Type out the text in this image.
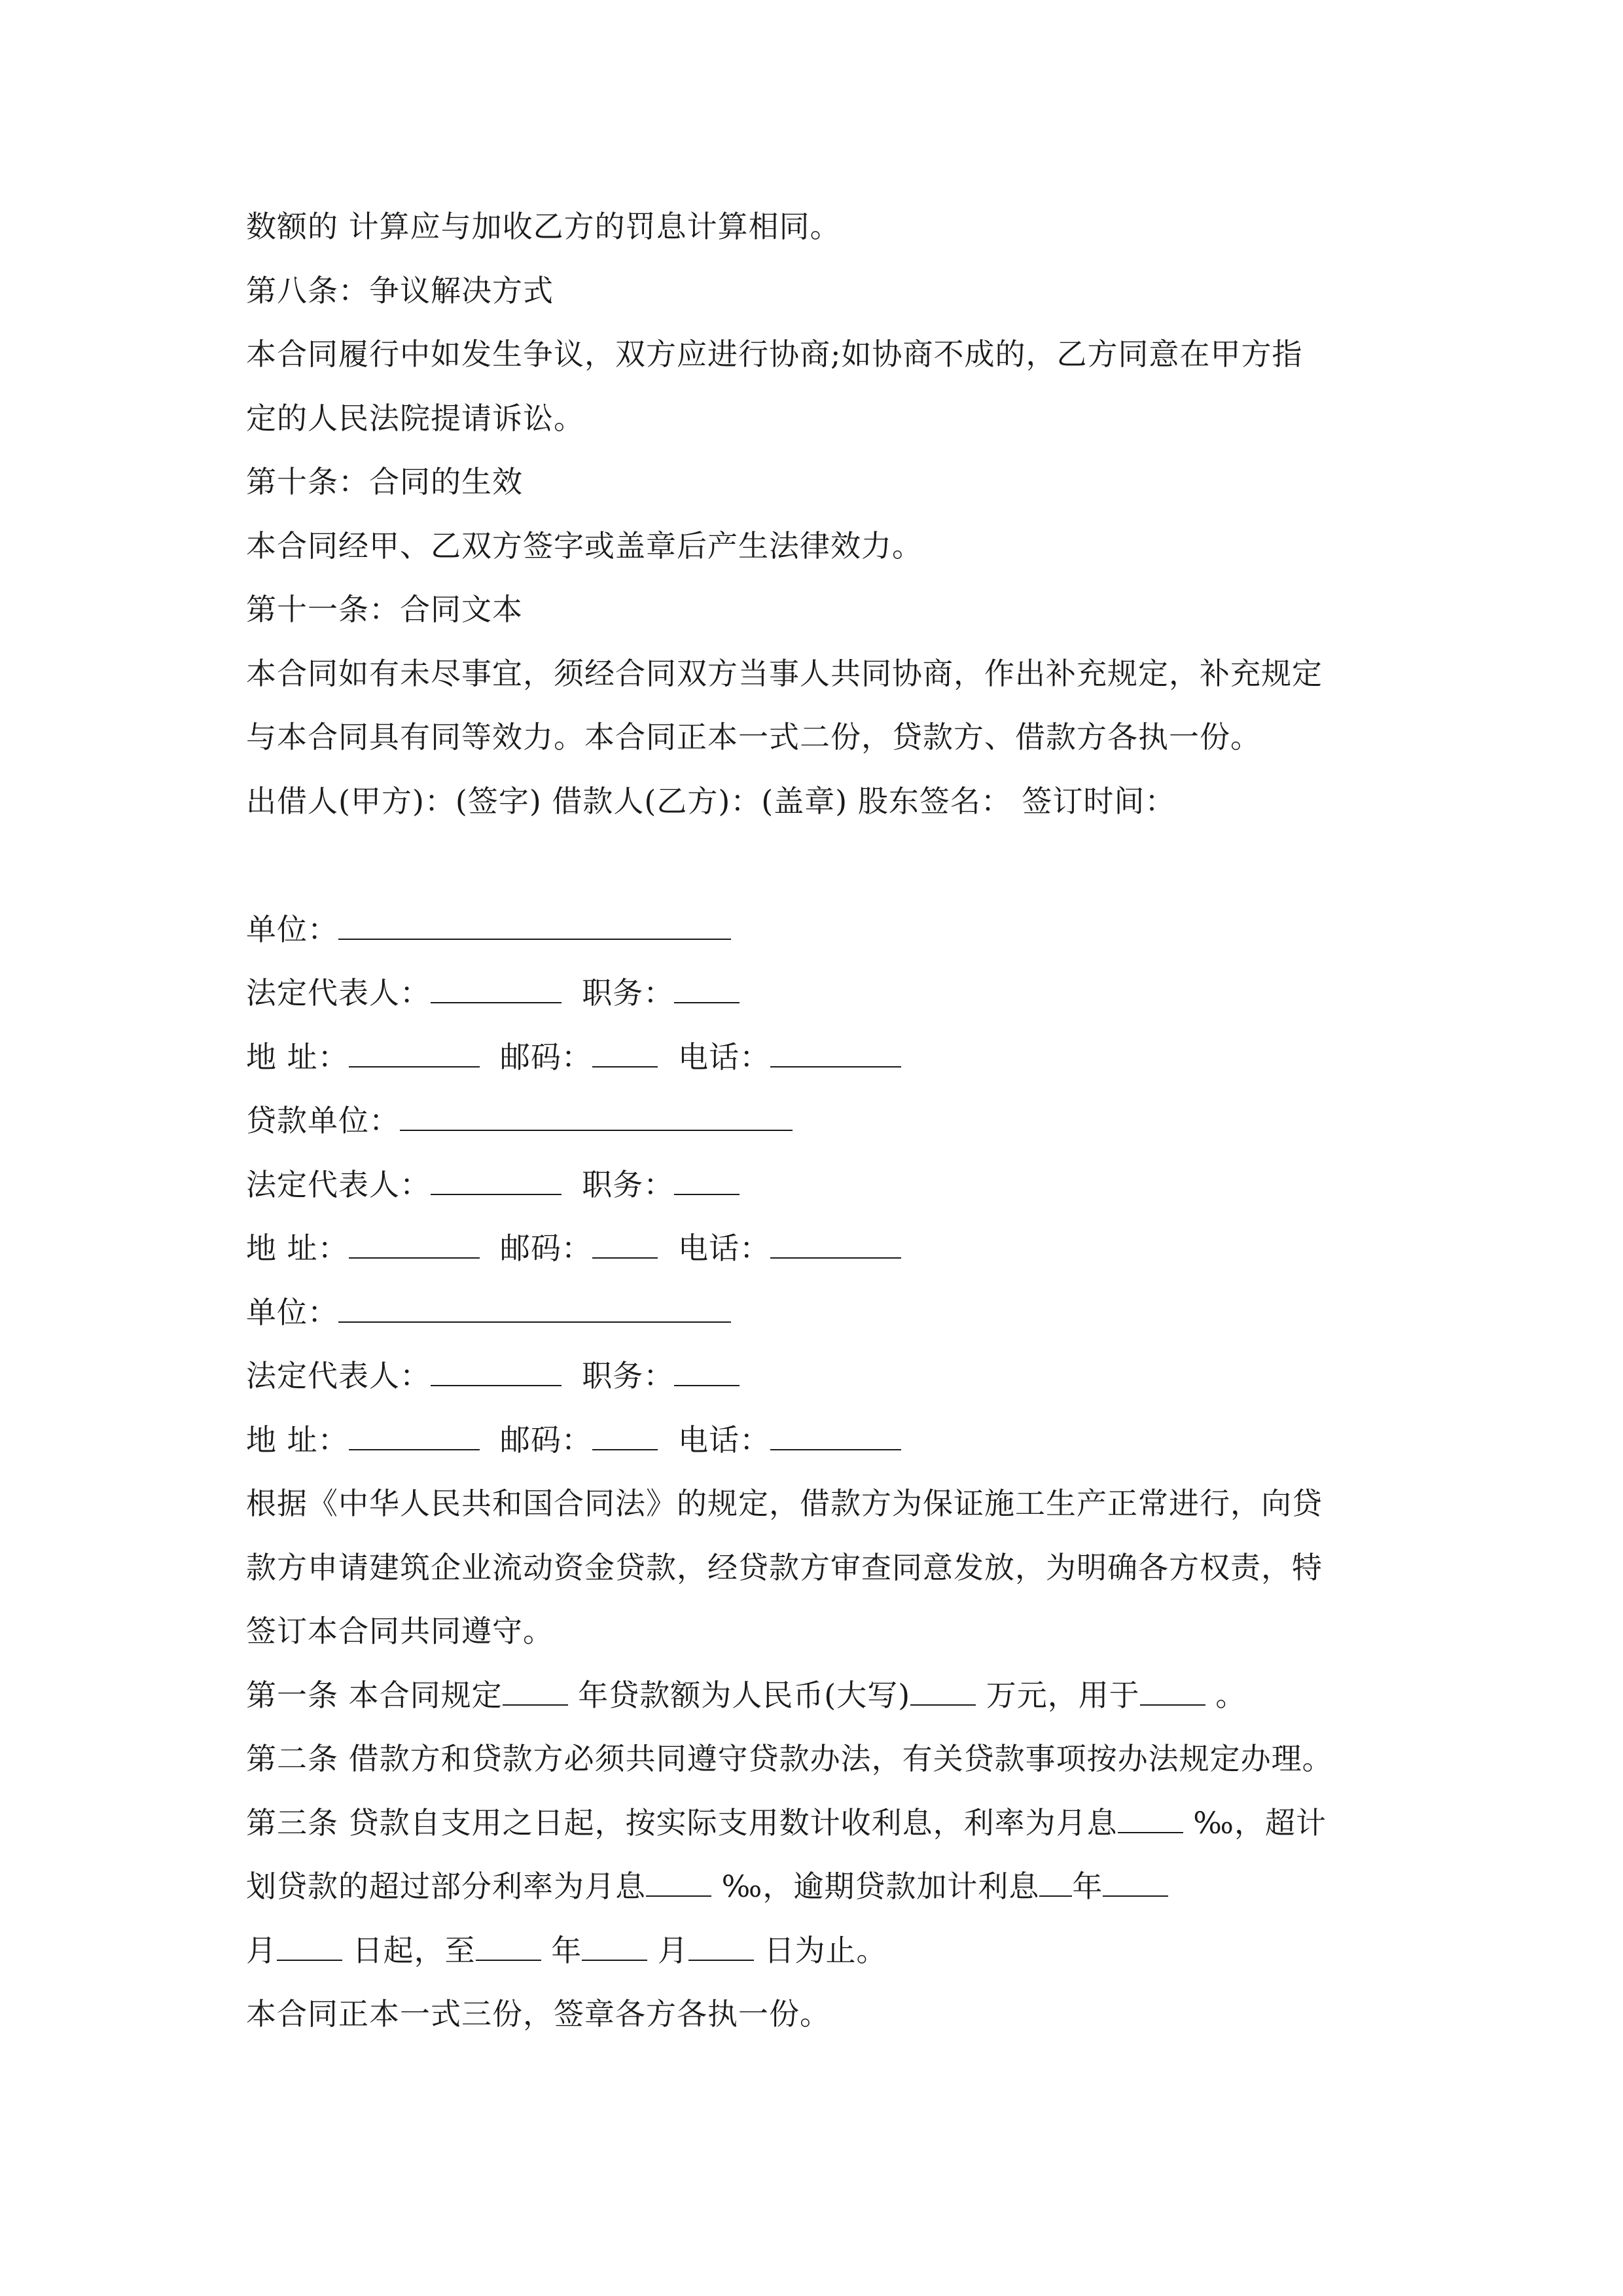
数额的 计算应与加收乙方的罚息计算相同。
第八条：争议解决方式
本合同履行中如发生争议，双方应进行协商;如协商不成的，乙方同意在甲方指
定的人民法院提请诉讼。
第十条：合同的生效
本合同经甲、乙双方签字或盖章后产生法律效力。
第十一条：合同文本
本合同如有未尽事宜，须经合同双方当事人共同协商，作出补充规定，补充规定
与本合同具有同等效力。本合同正本一式二份，贷款方、借款方各执一份。
出借人(甲方)：(签字) 借款人(乙方)：(盖章) 股东签名： 签订时间：
单位：
法定代表人：	职务：
地 址：	邮码：	电话：
贷款单位：
法定代表人：	职务：
地 址：	邮码：	电话：
单位：
法定代表人：	职务：
地 址：	邮码：	电话：
根据《中华人民共和国合同法》的规定，借款方为保证施工生产正常进行，向贷
款方申请建筑企业流动资金贷款，经贷款方审查同意发放，为明确各方权责，特
签订本合同共同遵守。
第一条 本合同规定 年贷款额为人民币(大写) 万元，用于 。
第二条 借款方和贷款方必须共同遵守贷款办法，有关贷款事项按办法规定办理。
第三条 贷款自支用之日起，按实际支用数计收利息，利率为月息 ‰，超计
划贷款的超过部分利率为月息 ‰，逾期贷款加计利息 年
月 日起，至 年 月 日为止。
本合同正本一式三份，签章各方各执一份。
